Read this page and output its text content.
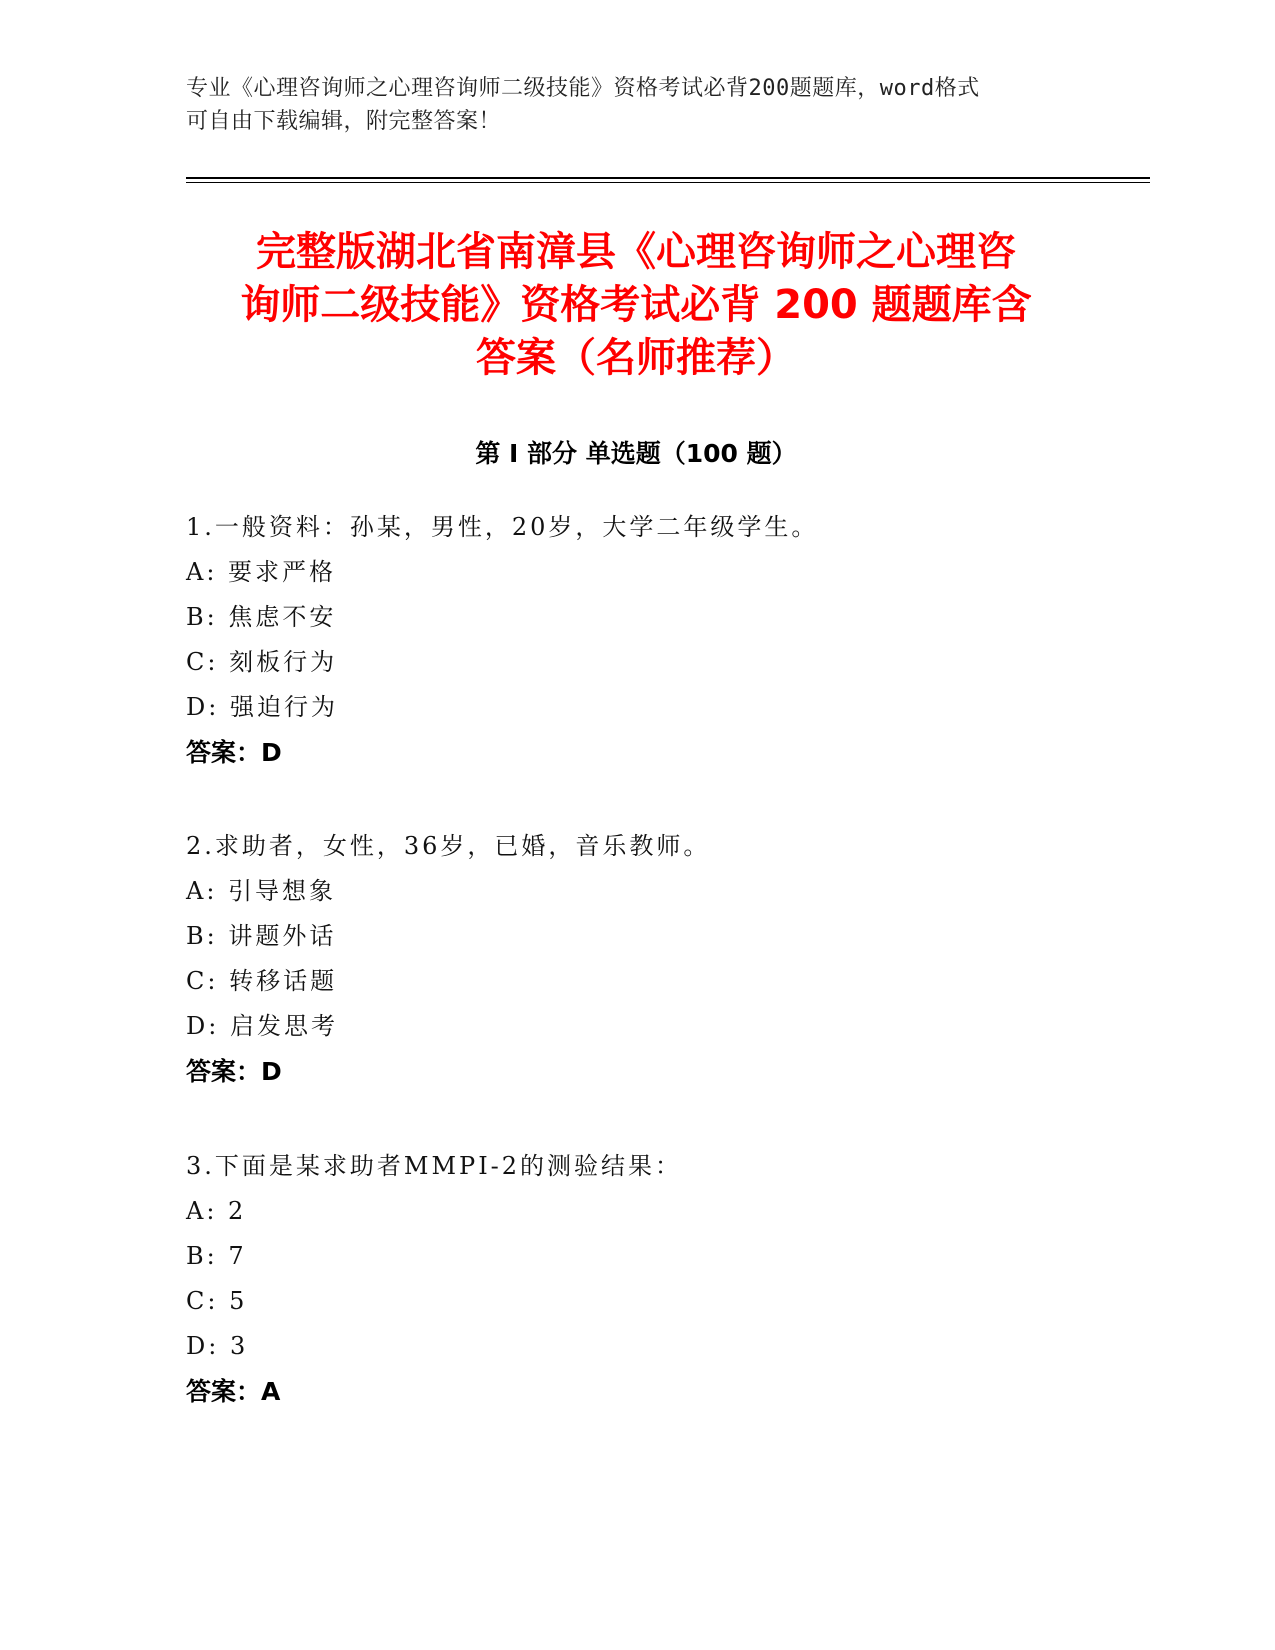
专业《心理咨询师之心理咨询师二级技能》资格考试必背200题题库，word格式
可自由下载编辑，附完整答案！
完整版湖北省南漳县《心理咨询师之心理咨
询师二级技能》资格考试必背 200 题题库含
答案（名师推荐）
第 I 部分 单选题（100 题）
1.一般资料：孙某，男性，20岁，大学二年级学生。
A: 要求严格
B: 焦虑不安
C: 刻板行为
D: 强迫行为
答案：D
2.求助者，女性，36岁，已婚，音乐教师。
A: 引导想象
B: 讲题外话
C: 转移话题
D: 启发思考
答案：D
3.下面是某求助者MMPI-2的测验结果：
A: 2
B: 7
C: 5
D: 3
答案：A
